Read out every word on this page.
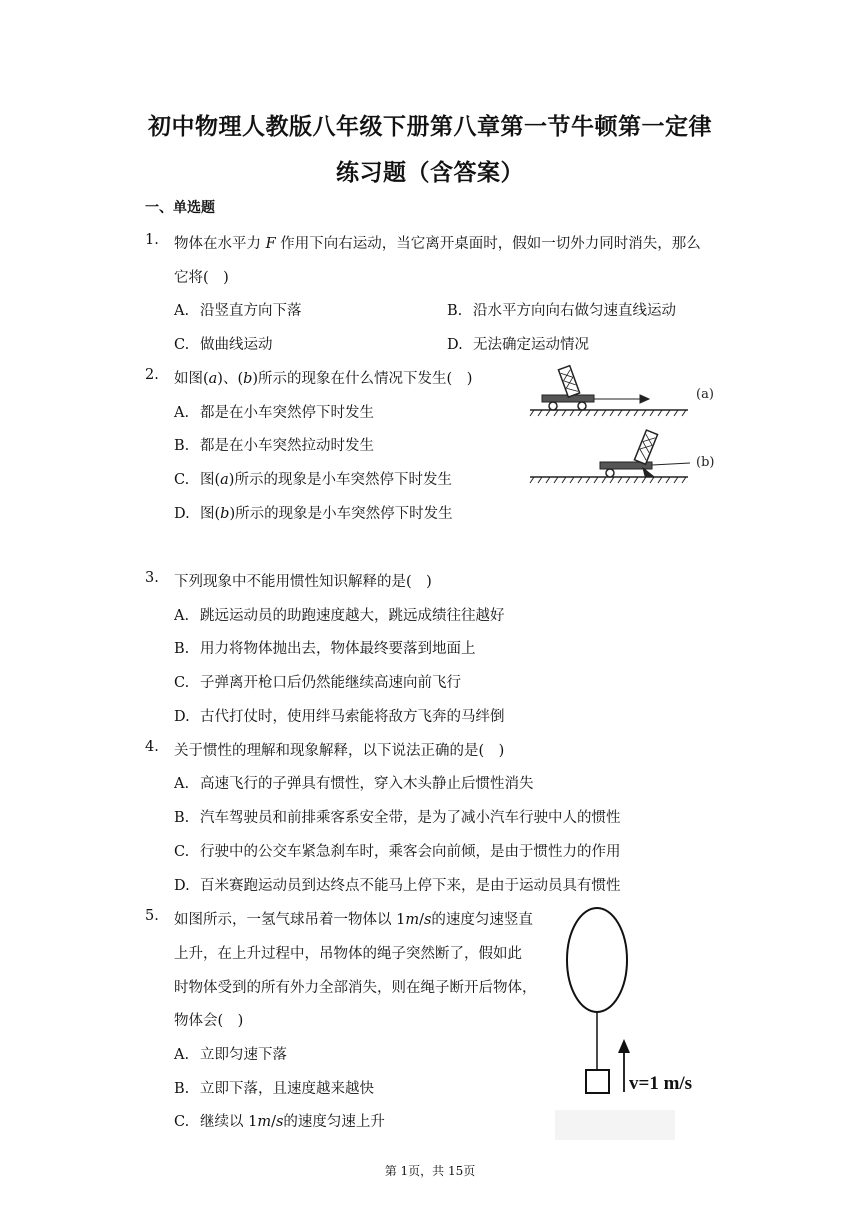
初中物理人教版八年级下册第八章第一节牛顿第一定律
练习题（含答案）
一、单选题
1. 物体在水平力 𝐹 作用下向右运动，当它离开桌面时，假如一切外力同时消失，那么
它将(　)
A. 沿竖直方向下落	B. 沿水平方向向右做匀速直线运动
C. 做曲线运动	D. 无法确定运动情况
2. 如图(𝑎)、(𝑏)所示的现象在什么情况下发生(　)
A. 都是在小车突然停下时发生
B. 都是在小车突然拉动时发生
C. 图(𝑎)所示的现象是小车突然停下时发生
D. 图(𝑏)所示的现象是小车突然停下时发生
(a)
(b)
3. 下列现象中不能用惯性知识解释的是(　)
A. 跳远运动员的助跑速度越大，跳远成绩往往越好
B. 用力将物体抛出去，物体最终要落到地面上
C. 子弹离开枪口后仍然能继续高速向前飞行
D. 古代打仗时，使用绊马索能将敌方飞奔的马绊倒
4. 关于惯性的理解和现象解释，以下说法正确的是(　)
A. 高速飞行的子弹具有惯性，穿入木头静止后惯性消失
B. 汽车驾驶员和前排乘客系安全带，是为了减小汽车行驶中人的惯性
C. 行驶中的公交车紧急刹车时，乘客会向前倾，是由于惯性力的作用
D. 百米赛跑运动员到达终点不能马上停下来，是由于运动员具有惯性
5. 如图所示，一氢气球吊着一物体以 1𝑚/𝑠的速度匀速竖直
上升，在上升过程中，吊物体的绳子突然断了，假如此
时物体受到的所有外力全部消失，则在绳子断开后物体，
物体会(　)
A. 立即匀速下落
B. 立即下落，且速度越来越快
C. 继续以 1𝑚/𝑠的速度匀速上升
v=1 m/s
第 1页，共 15页
